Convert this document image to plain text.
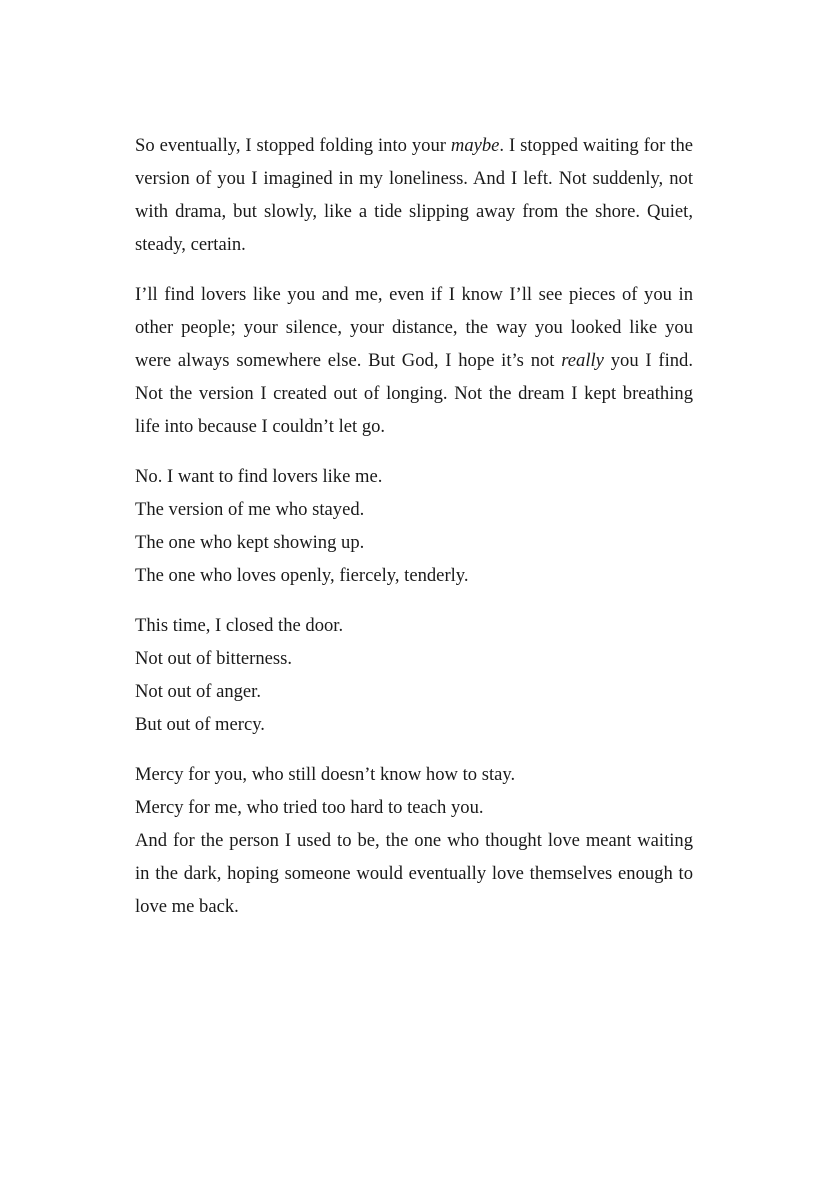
So eventually, I stopped folding into your maybe. I stopped waiting for the version of you I imagined in my loneliness. And I left. Not suddenly, not with drama, but slowly, like a tide slipping away from the shore. Quiet, steady, certain.

I’ll find lovers like you and me, even if I know I’ll see pieces of you in other people; your silence, your distance, the way you looked like you were always somewhere else. But God, I hope it’s not really you I find. Not the version I created out of longing. Not the dream I kept breathing life into because I couldn’t let go.

No. I want to find lovers like me.
The version of me who stayed.
The one who kept showing up.
The one who loves openly, fiercely, tenderly.
This time, I closed the door.
Not out of bitterness.
Not out of anger.
But out of mercy.
Mercy for you, who still doesn’t know how to stay.
Mercy for me, who tried too hard to teach you.
And for the person I used to be, the one who thought love meant waiting in the dark, hoping someone would eventually love themselves enough to love me back.
